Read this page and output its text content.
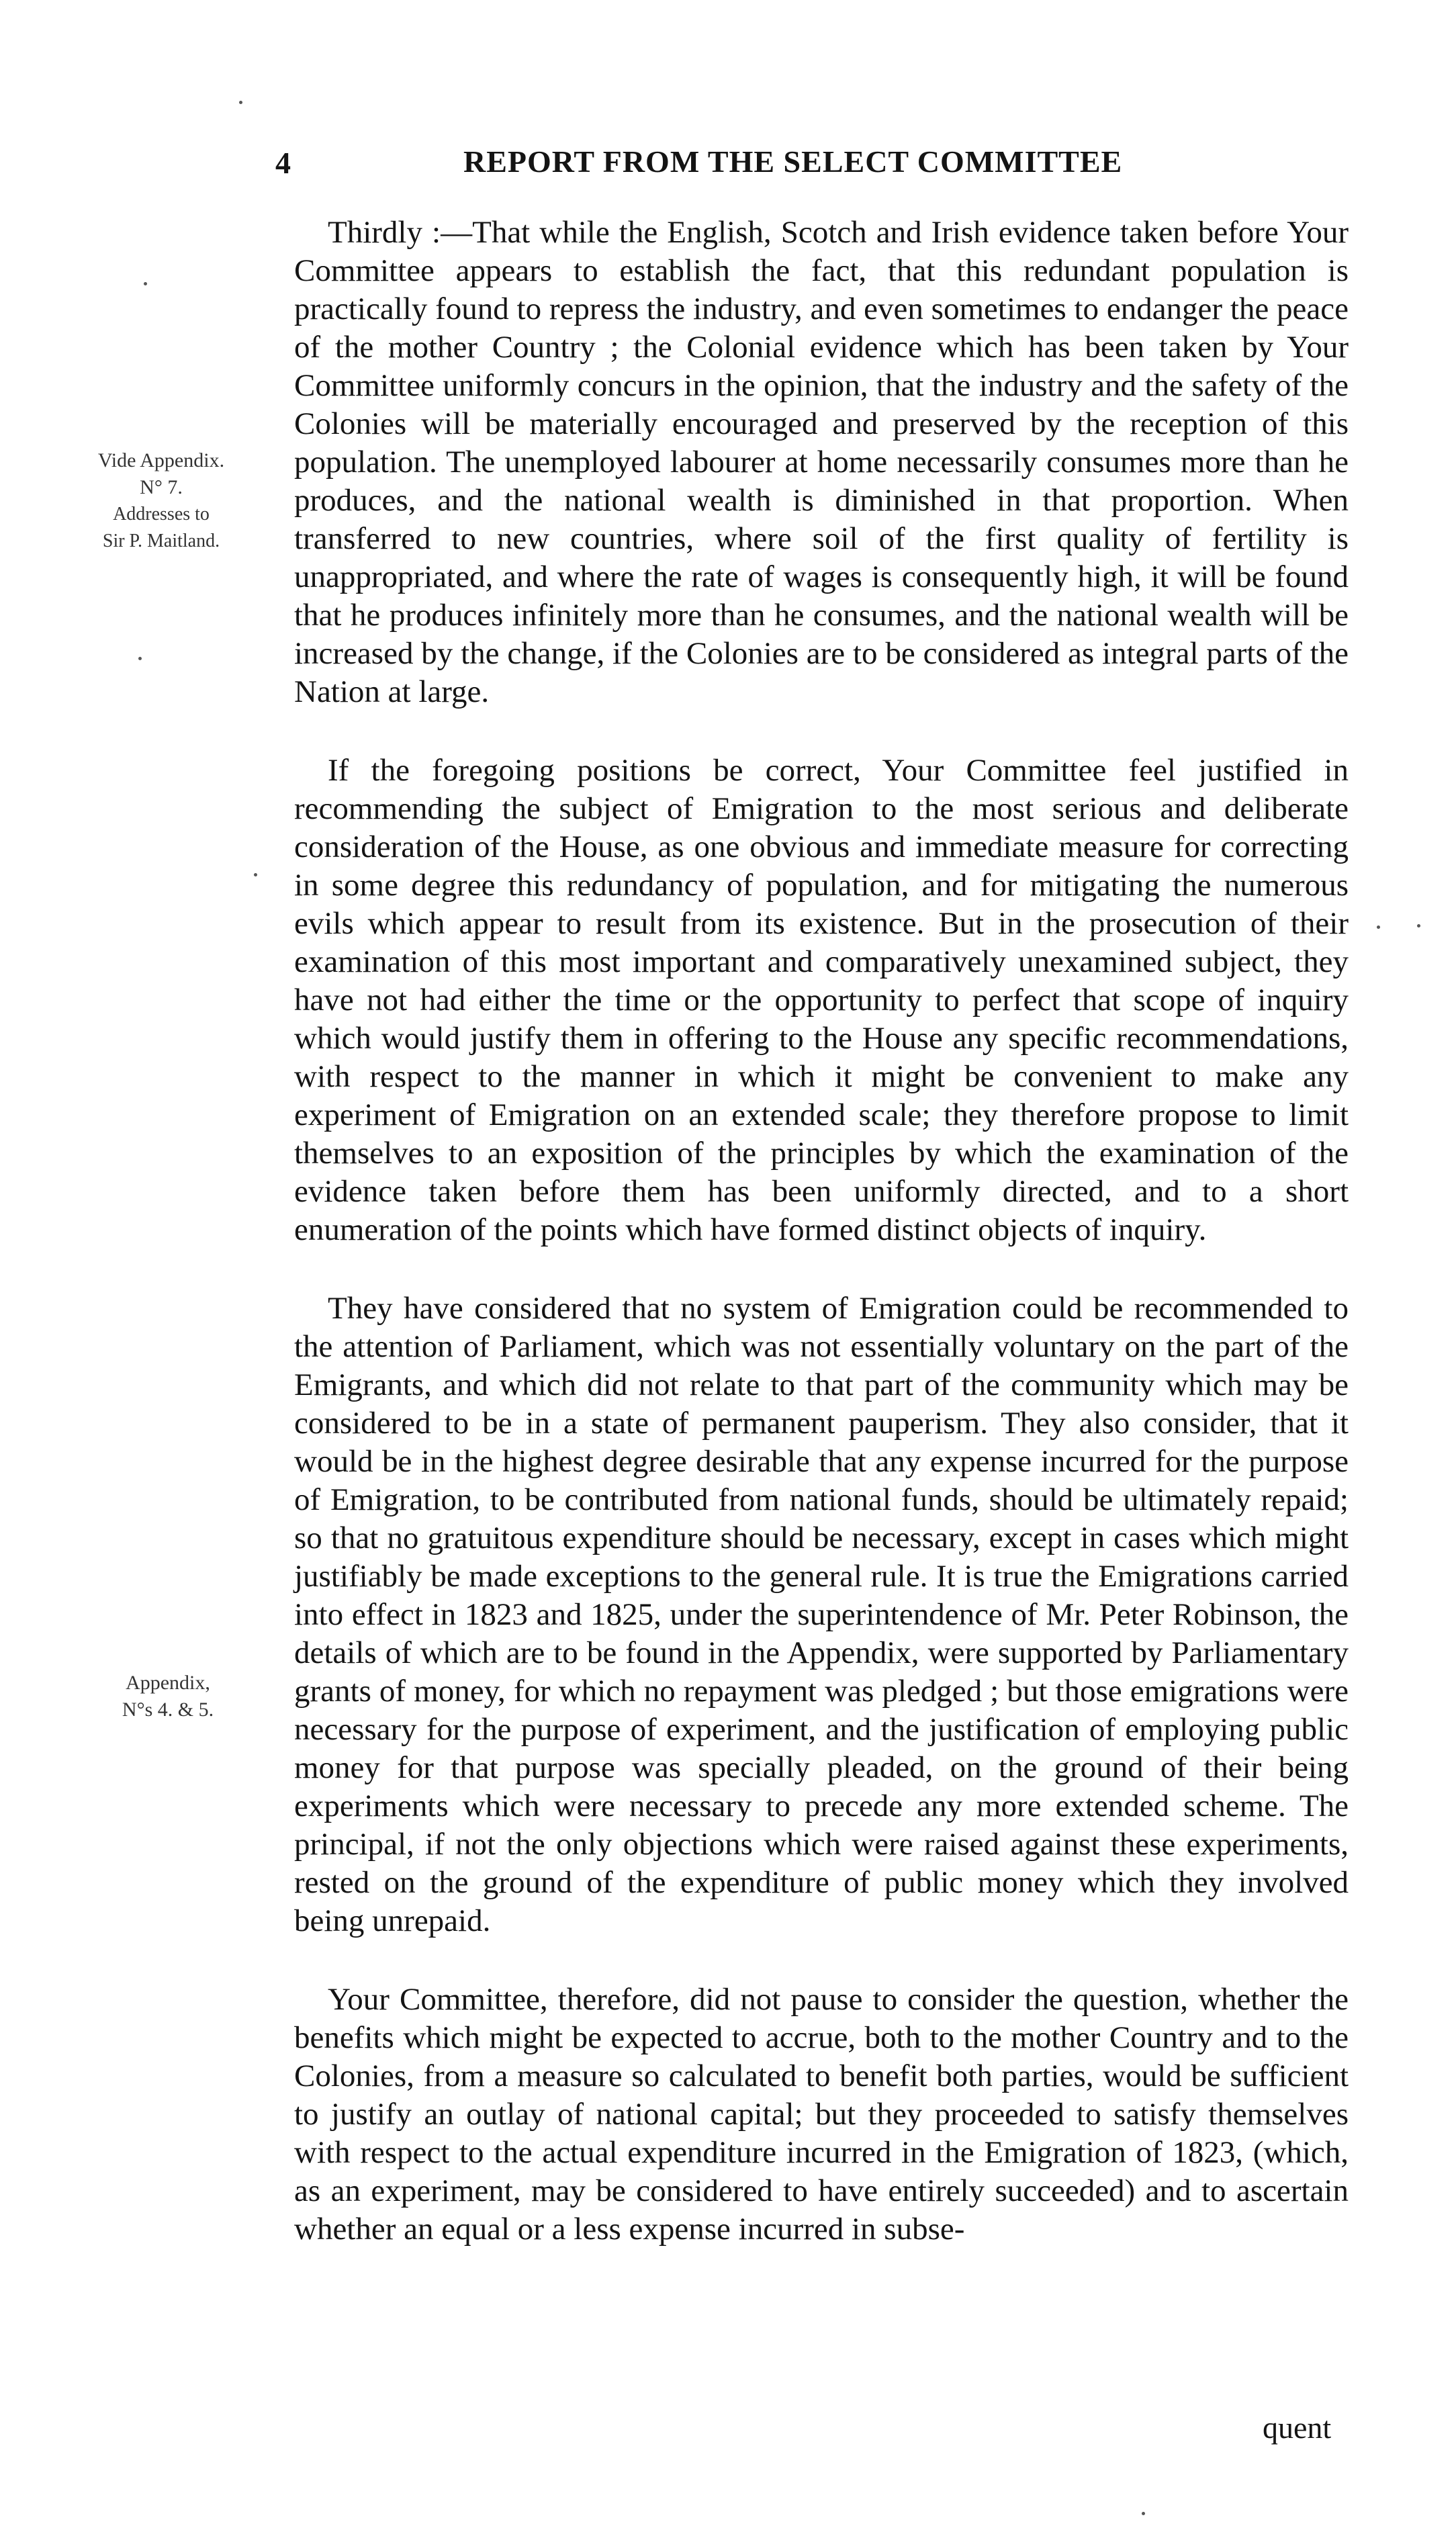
4	REPORT FROM THE SELECT COMMITTEE
Vide Appendix.
N° 7.
Addresses to
Sir P. Maitland.
Appendix,
N°s 4. & 5.

Thirdly :—That while the English, Scotch and Irish evidence taken before Your Committee appears to establish the fact, that this redundant population is practically found to repress the industry, and even sometimes to endanger the peace of the mother Country ; the Colonial evidence which has been taken by Your Committee uniformly concurs in the opinion, that the industry and the safety of the Colonies will be materially encouraged and preserved by the reception of this population. The unemployed labourer at home necessarily consumes more than he produces, and the national wealth is diminished in that proportion. When transferred to new countries, where soil of the first quality of fertility is unappropriated, and where the rate of wages is consequently high, it will be found that he produces infinitely more than he consumes, and the national wealth will be increased by the change, if the Colonies are to be considered as integral parts of the Nation at large.

If the foregoing positions be correct, Your Committee feel justified in recommending the subject of Emigration to the most serious and deliberate consideration of the House, as one obvious and immediate measure for correcting in some degree this redundancy of population, and for mitigating the numerous evils which appear to result from its existence. But in the prosecution of their examination of this most important and comparatively unexamined subject, they have not had either the time or the opportunity to perfect that scope of inquiry which would justify them in offering to the House any specific recommendations, with respect to the manner in which it might be convenient to make any experiment of Emigration on an extended scale; they therefore propose to limit themselves to an exposition of the principles by which the examination of the evidence taken before them has been uniformly directed, and to a short enumeration of the points which have formed distinct objects of inquiry.

They have considered that no system of Emigration could be recommended to the attention of Parliament, which was not essentially voluntary on the part of the Emigrants, and which did not relate to that part of the community which may be considered to be in a state of permanent pauperism. They also consider, that it would be in the highest degree desirable that any expense incurred for the purpose of Emigration, to be contributed from national funds, should be ultimately repaid; so that no gratuitous expenditure should be necessary, except in cases which might justifiably be made exceptions to the general rule. It is true the Emigrations carried into effect in 1823 and 1825, under the superintendence of Mr. Peter Robinson, the details of which are to be found in the Appendix, were supported by Parliamentary grants of money, for which no repayment was pledged ; but those emigrations were necessary for the purpose of experiment, and the justification of employing public money for that purpose was specially pleaded, on the ground of their being experiments which were necessary to precede any more extended scheme. The principal, if not the only objections which were raised against these experiments, rested on the ground of the expenditure of public money which they involved being unrepaid.

Your Committee, therefore, did not pause to consider the question, whether the benefits which might be expected to accrue, both to the mother Country and to the Colonies, from a measure so calculated to benefit both parties, would be sufficient to justify an outlay of national capital; but they proceeded to satisfy themselves with respect to the actual expenditure incurred in the Emigration of 1823, (which, as an experiment, may be considered to have entirely succeeded) and to ascertain whether an equal or a less expense incurred in subse-

quent
